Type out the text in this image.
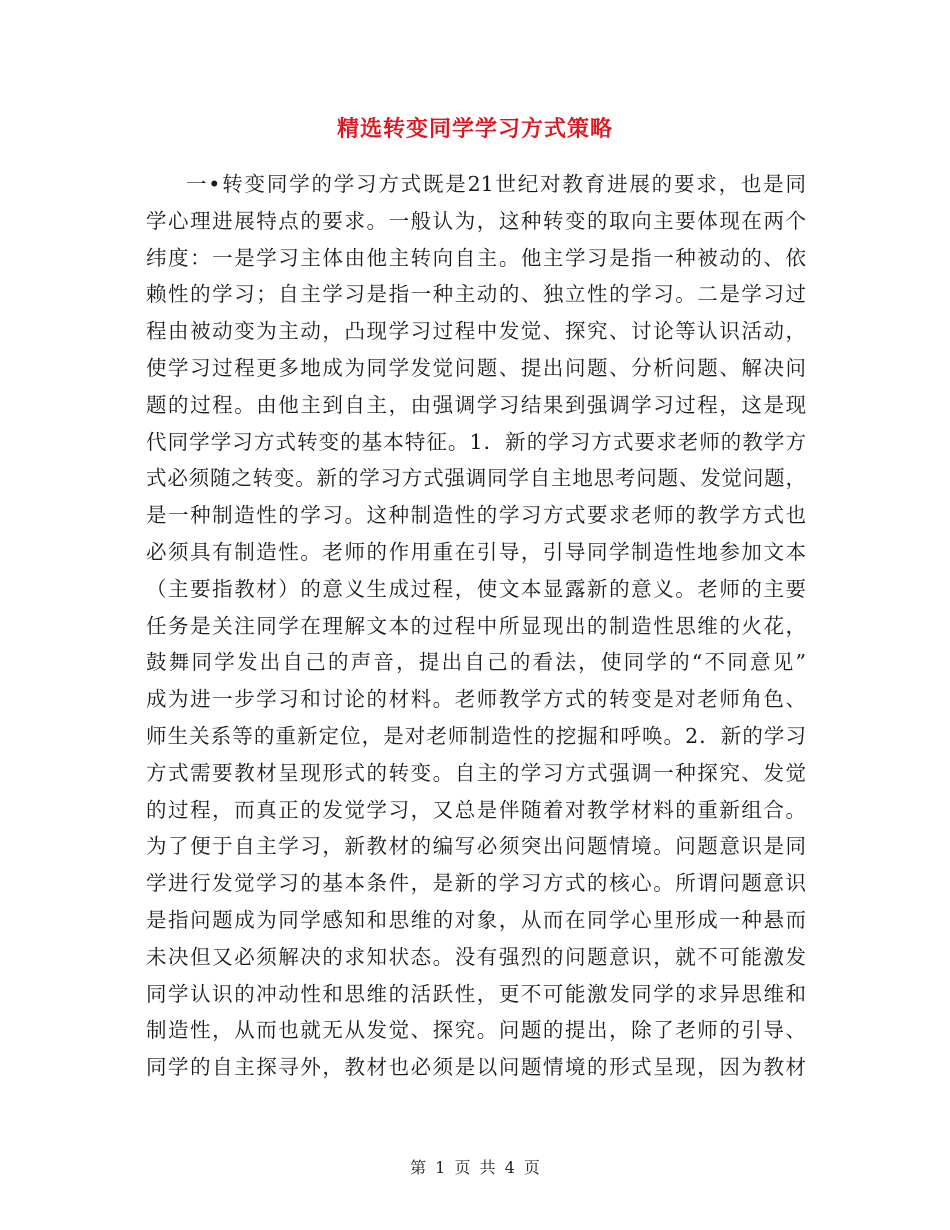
精选转变同学学习方式策略
一•转变同学的学习方式既是21世纪对教育进展的要求，也是同
学心理进展特点的要求。一般认为，这种转变的取向主要体现在两个
纬度：一是学习主体由他主转向自主。他主学习是指一种被动的、依
赖性的学习；自主学习是指一种主动的、独立性的学习。二是学习过
程由被动变为主动，凸现学习过程中发觉、探究、讨论等认识活动，
使学习过程更多地成为同学发觉问题、提出问题、分析问题、解决问
题的过程。由他主到自主，由强调学习结果到强调学习过程，这是现
代同学学习方式转变的基本特征。1．新的学习方式要求老师的教学方
式必须随之转变。新的学习方式强调同学自主地思考问题、发觉问题，
是一种制造性的学习。这种制造性的学习方式要求老师的教学方式也
必须具有制造性。老师的作用重在引导，引导同学制造性地参加文本
（主要指教材）的意义生成过程，使文本显露新的意义。老师的主要
任务是关注同学在理解文本的过程中所显现出的制造性思维的火花，
鼓舞同学发出自己的声音，提出自己的看法，使同学的“不同意见”
成为进一步学习和讨论的材料。老师教学方式的转变是对老师角色、
师生关系等的重新定位，是对老师制造性的挖掘和呼唤。2．新的学习
方式需要教材呈现形式的转变。自主的学习方式强调一种探究、发觉
的过程，而真正的发觉学习，又总是伴随着对教学材料的重新组合。
为了便于自主学习，新教材的编写必须突出问题情境。问题意识是同
学进行发觉学习的基本条件，是新的学习方式的核心。所谓问题意识
是指问题成为同学感知和思维的对象，从而在同学心里形成一种悬而
未决但又必须解决的求知状态。没有强烈的问题意识，就不可能激发
同学认识的冲动性和思维的活跃性，更不可能激发同学的求异思维和
制造性，从而也就无从发觉、探究。问题的提出，除了老师的引导、
同学的自主探寻外，教材也必须是以问题情境的形式呈现，因为教材
第 1 页 共 4 页
